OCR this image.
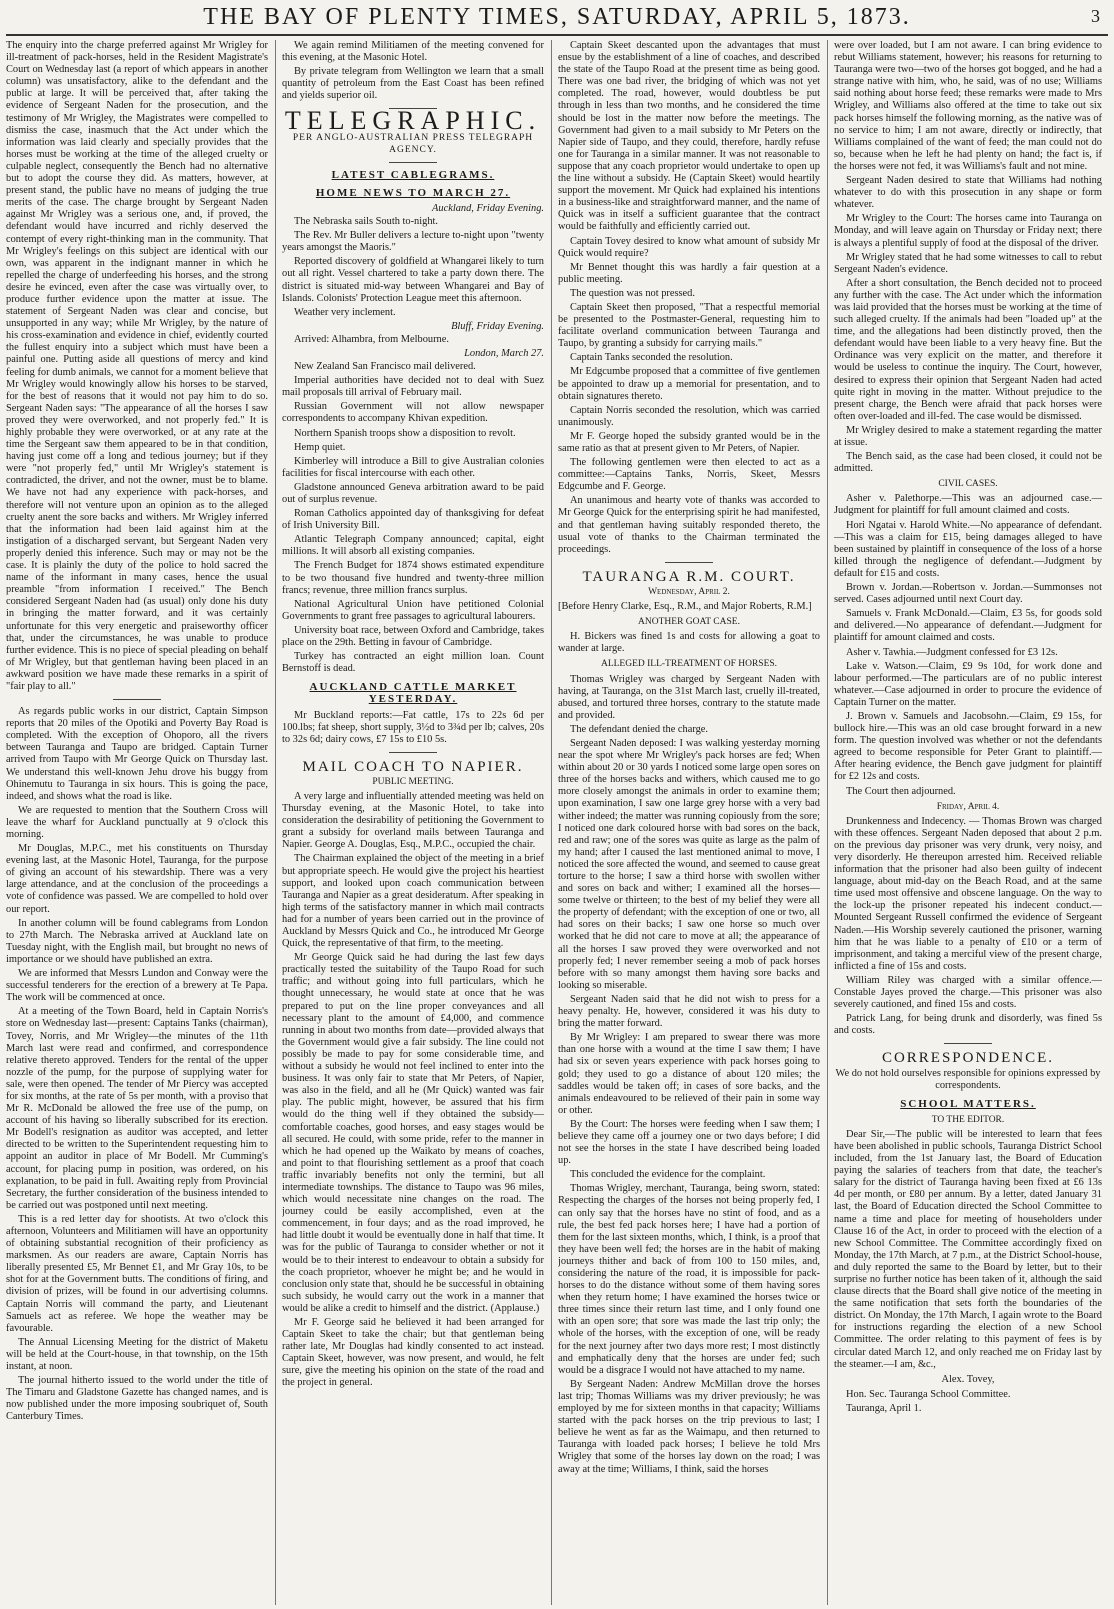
THE BAY OF PLENTY TIMES, SATURDAY, APRIL 5, 1873.	3

The enquiry into the charge preferred against Mr Wrigley for ill-treatment of pack-horses, held in the Resident Magistrate's Court on Wednesday last (a report of which appears in another column) was unsatisfactory, alike to the defendant and the public at large. It will be perceived that, after taking the evidence of Sergeant Naden for the prosecution, and the testimony of Mr Wrigley, the Magistrates were compelled to dismiss the case, inasmuch that the Act under which the information was laid clearly and specially provides that the horses must be working at the time of the alleged cruelty or culpable neglect, consequently the Bench had no alternative but to adopt the course they did. As matters, however, at present stand, the public have no means of judging the true merits of the case. The charge brought by Sergeant Naden against Mr Wrigley was a serious one, and, if proved, the defendant would have incurred and richly deserved the contempt of every right-thinking man in the community. That Mr Wrigley's feelings on this subject are identical with our own, was apparent in the indignant manner in which he repelled the charge of underfeeding his horses, and the strong desire he evinced, even after the case was virtually over, to produce further evidence upon the matter at issue. The statement of Sergeant Naden was clear and concise, but unsupported in any way; while Mr Wrigley, by the nature of his cross-examination and evidence in chief, evidently courted the fullest enquiry into a subject which must have been a painful one. Putting aside all questions of mercy and kind feeling for dumb animals, we cannot for a moment believe that Mr Wrigley would knowingly allow his horses to be starved, for the best of reasons that it would not pay him to do so. Sergeant Naden says: "The appearance of all the horses I saw proved they were overworked, and not properly fed." It is highly probable they were overworked, or at any rate at the time the Sergeant saw them appeared to be in that condition, having just come off a long and tedious journey; but if they were "not properly fed," until Mr Wrigley's statement is contradicted, the driver, and not the owner, must be to blame. We have not had any experience with pack-horses, and therefore will not venture upon an opinion as to the alleged cruelty anent the sore backs and withers. Mr Wrigley inferred that the information had been laid against him at the instigation of a discharged servant, but Sergeant Naden very properly denied this inference. Such may or may not be the case. It is plainly the duty of the police to hold sacred the name of the informant in many cases, hence the usual preamble "from information I received." The Bench considered Sergeant Naden had (as usual) only done his duty in bringing the matter forward, and it was certainly unfortunate for this very energetic and praiseworthy officer that, under the circumstances, he was unable to produce further evidence. This is no piece of special pleading on behalf of Mr Wrigley, but that gentleman having been placed in an awkward position we have made these remarks in a spirit of "fair play to all."

As regards public works in our district, Captain Simpson reports that 20 miles of the Opotiki and Poverty Bay Road is completed. With the exception of Ohoporo, all the rivers between Tauranga and Taupo are bridged. Captain Turner arrived from Taupo with Mr George Quick on Thursday last. We understand this well-known Jehu drove his buggy from Ohinemutu to Tauranga in six hours. This is going the pace, indeed, and shows what the road is like.

We are requested to mention that the Southern Cross will leave the wharf for Auckland punctually at 9 o'clock this morning.

Mr Douglas, M.P.C., met his constituents on Thursday evening last, at the Masonic Hotel, Tauranga, for the purpose of giving an account of his stewardship. There was a very large attendance, and at the conclusion of the proceedings a vote of confidence was passed. We are compelled to hold over our report.

In another column will be found cablegrams from London to 27th March. The Nebraska arrived at Auckland late on Tuesday night, with the English mail, but brought no news of importance or we should have published an extra.

We are informed that Messrs Lundon and Conway were the successful tenderers for the erection of a brewery at Te Papa. The work will be commenced at once.

At a meeting of the Town Board, held in Captain Norris's store on Wednesday last—present: Captains Tanks (chairman), Tovey, Norris, and Mr Wrigley—the minutes of the 11th March last were read and confirmed, and correspondence relative thereto approved. Tenders for the rental of the upper nozzle of the pump, for the purpose of supplying water for sale, were then opened. The tender of Mr Piercy was accepted for six months, at the rate of 5s per month, with a proviso that Mr R. McDonald be allowed the free use of the pump, on account of his having so liberally subscribed for its erection. Mr Bodell's resignation as auditor was accepted, and letter directed to be written to the Superintendent requesting him to appoint an auditor in place of Mr Bodell. Mr Cumming's account, for placing pump in position, was ordered, on his explanation, to be paid in full. Awaiting reply from Provincial Secretary, the further consideration of the business intended to be carried out was postponed until next meeting.

This is a red letter day for shootists. At two o'clock this afternoon, Volunteers and Militiamen will have an opportunity of obtaining substantial recognition of their proficiency as marksmen. As our readers are aware, Captain Norris has liberally presented £5, Mr Bennet £1, and Mr Gray 10s, to be shot for at the Government butts. The conditions of firing, and division of prizes, will be found in our advertising columns. Captain Norris will command the party, and Lieutenant Samuels act as referee. We hope the weather may be favourable.

The Annual Licensing Meeting for the district of Maketu will be held at the Court-house, in that township, on the 15th instant, at noon.

The journal hitherto issued to the world under the title of The Timaru and Gladstone Gazette has changed names, and is now published under the more imposing soubriquet of, South Canterbury Times.

We again remind Militiamen of the meeting convened for this evening, at the Masonic Hotel.

By private telegram from Wellington we learn that a small quantity of petroleum from the East Coast has been refined and yields superior oil.

TELEGRAPHIC.
PER ANGLO-AUSTRALIAN PRESS TELEGRAPH AGENCY.
LATEST CABLEGRAMS.
HOME NEWS TO MARCH 27.
Auckland, Friday Evening.

The Nebraska sails South to-night.

The Rev. Mr Buller delivers a lecture to-night upon "twenty years amongst the Maoris."

Reported discovery of goldfield at Whangarei likely to turn out all right. Vessel chartered to take a party down there. The district is situated mid-way between Whangarei and Bay of Islands. Colonists' Protection League meet this afternoon.

Weather very inclement.

Bluff, Friday Evening.

Arrived: Alhambra, from Melbourne.

London, March 27.

New Zealand San Francisco mail delivered.

Imperial authorities have decided not to deal with Suez mail proposals till arrival of February mail.

Russian Government will not allow newspaper correspondents to accompany Khivan expedition.

Northern Spanish troops show a disposition to revolt.

Hemp quiet.

Kimberley will introduce a Bill to give Australian colonies facilities for fiscal intercourse with each other.

Gladstone announced Geneva arbitration award to be paid out of surplus revenue.

Roman Catholics appointed day of thanksgiving for defeat of Irish University Bill.

Atlantic Telegraph Company announced; capital, eight millions. It will absorb all existing companies.

The French Budget for 1874 shows estimated expenditure to be two thousand five hundred and twenty-three million francs; revenue, three million francs surplus.

National Agricultural Union have petitioned Colonial Governments to grant free passages to agricultural labourers.

University boat race, between Oxford and Cambridge, takes place on the 29th. Betting in favour of Cambridge.

Turkey has contracted an eight million loan. Count Bernstoff is dead.

AUCKLAND CATTLE MARKET YESTERDAY.

Mr Buckland reports:—Fat cattle, 17s to 22s 6d per 100.lbs; fat sheep, short supply, 3½d to 3¾d per lb; calves, 20s to 32s 6d; dairy cows, £7 15s to £10 5s.

MAIL COACH TO NAPIER.
PUBLIC MEETING.

A very large and influentially attended meeting was held on Thursday evening, at the Masonic Hotel, to take into consideration the desirability of petitioning the Government to grant a subsidy for overland mails between Tauranga and Napier. George A. Douglas, Esq., M.P.C., occupied the chair.

The Chairman explained the object of the meeting in a brief but appropriate speech. He would give the project his heartiest support, and looked upon coach communication between Tauranga and Napier as a great desideratum. After speaking in high terms of the satisfactory manner in which mail contracts had for a number of years been carried out in the province of Auckland by Messrs Quick and Co., he introduced Mr George Quick, the representative of that firm, to the meeting.

Mr George Quick said he had during the last few days practically tested the suitability of the Taupo Road for such traffic; and without going into full particulars, which he thought unnecessary, he would state at once that he was prepared to put on the line proper conveyances and all necessary plant to the amount of £4,000, and commence running in about two months from date—provided always that the Government would give a fair subsidy. The line could not possibly be made to pay for some considerable time, and without a subsidy he would not feel inclined to enter into the business. It was only fair to state that Mr Peters, of Napier, was also in the field, and all he (Mr Quick) wanted was fair play. The public might, however, be assured that his firm would do the thing well if they obtained the subsidy—comfortable coaches, good horses, and easy stages would be all secured. He could, with some pride, refer to the manner in which he had opened up the Waikato by means of coaches, and point to that flourishing settlement as a proof that coach traffic invariably benefits not only the termini, but all intermediate townships. The distance to Taupo was 96 miles, which would necessitate nine changes on the road. The journey could be easily accomplished, even at the commencement, in four days; and as the road improved, he had little doubt it would be eventually done in half that time. It was for the public of Tauranga to consider whether or not it would be to their interest to endeavour to obtain a subsidy for the coach proprietor, whoever he might be; and he would in conclusion only state that, should he be successful in obtaining such subsidy, he would carry out the work in a manner that would be alike a credit to himself and the district. (Applause.)

Mr F. George said he believed it had been arranged for Captain Skeet to take the chair; but that gentleman being rather late, Mr Douglas had kindly consented to act instead. Captain Skeet, however, was now present, and would, he felt sure, give the meeting his opinion on the state of the road and the project in general.

Captain Skeet descanted upon the advantages that must ensue by the establishment of a line of coaches, and described the state of the Taupo Road at the present time as being good. There was one bad river, the bridging of which was not yet completed. The road, however, would doubtless be put through in less than two months, and he considered the time should be lost in the matter now before the meetings. The Government had given to a mail subsidy to Mr Peters on the Napier side of Taupo, and they could, therefore, hardly refuse one for Tauranga in a similar manner. It was not reasonable to suppose that any coach proprietor would undertake to open up the line without a subsidy. He (Captain Skeet) would heartily support the movement. Mr Quick had explained his intentions in a business-like and straightforward manner, and the name of Quick was in itself a sufficient guarantee that the contract would be faithfully and efficiently carried out.

Captain Tovey desired to know what amount of subsidy Mr Quick would require?

Mr Bennet thought this was hardly a fair question at a public meeting.

The question was not pressed.

Captain Skeet then proposed, "That a respectful memorial be presented to the Postmaster-General, requesting him to facilitate overland communication between Tauranga and Taupo, by granting a subsidy for carrying mails."

Captain Tanks seconded the resolution.

Mr Edgcumbe proposed that a committee of five gentlemen be appointed to draw up a memorial for presentation, and to obtain signatures thereto.

Captain Norris seconded the resolution, which was carried unanimously.

Mr F. George hoped the subsidy granted would be in the same ratio as that at present given to Mr Peters, of Napier.

The following gentlemen were then elected to act as a committee:—Captains Tanks, Norris, Skeet, Messrs Edgcumbe and F. George.

An unanimous and hearty vote of thanks was accorded to Mr George Quick for the enterprising spirit he had manifested, and that gentleman having suitably responded thereto, the usual vote of thanks to the Chairman terminated the proceedings.

TAURANGA R.M. COURT.
Wednesday, April 2.

[Before Henry Clarke, Esq., R.M., and Major Roberts, R.M.]

ANOTHER GOAT CASE.

H. Bickers was fined 1s and costs for allowing a goat to wander at large.

ALLEGED ILL-TREATMENT OF HORSES.

Thomas Wrigley was charged by Sergeant Naden with having, at Tauranga, on the 31st March last, cruelly ill-treated, abused, and tortured three horses, contrary to the statute made and provided.

The defendant denied the charge.

Sergeant Naden deposed: I was walking yesterday morning near the spot where Mr Wrigley's pack horses are fed; When within about 20 or 30 yards I noticed some large open sores on three of the horses backs and withers, which caused me to go more closely amongst the animals in order to examine them; upon examination, I saw one large grey horse with a very bad wither indeed; the matter was running copiously from the sore; I noticed one dark coloured horse with bad sores on the back, red and raw; one of the sores was quite as large as the palm of my hand; after I caused the last mentioned animal to move, I noticed the sore affected the wound, and seemed to cause great torture to the horse; I saw a third horse with swollen wither and sores on back and wither; I examined all the horses—some twelve or thirteen; to the best of my belief they were all the property of defendant; with the exception of one or two, all had sores on their backs; I saw one horse so much over worked that he did not care to move at all; the appearance of all the horses I saw proved they were overworked and not properly fed; I never remember seeing a mob of pack horses before with so many amongst them having sore backs and looking so miserable.

Sergeant Naden said that he did not wish to press for a heavy penalty. He, however, considered it was his duty to bring the matter forward.

By Mr Wrigley: I am prepared to swear there was more than one horse with a wound at the time I saw them; I have had six or seven years experience with pack horses going to gold; they used to go a distance of about 120 miles; the saddles would be taken off; in cases of sore backs, and the animals endeavoured to be relieved of their pain in some way or other.

By the Court: The horses were feeding when I saw them; I believe they came off a journey one or two days before; I did not see the horses in the state I have described being loaded up.

This concluded the evidence for the complaint.

Thomas Wrigley, merchant, Tauranga, being sworn, stated: Respecting the charges of the horses not being properly fed, I can only say that the horses have no stint of food, and as a rule, the best fed pack horses here; I have had a portion of them for the last sixteen months, which, I think, is a proof that they have been well fed; the horses are in the habit of making journeys thither and back of from 100 to 150 miles, and, considering the nature of the road, it is impossible for pack-horses to do the distance without some of them having sores when they return home; I have examined the horses twice or three times since their return last time, and I only found one with an open sore; that sore was made the last trip only; the whole of the horses, with the exception of one, will be ready for the next journey after two days more rest; I most distinctly and emphatically deny that the horses are under fed; such would be a disgrace I would not have attached to my name.

By Sergeant Naden: Andrew McMillan drove the horses last trip; Thomas Williams was my driver previously; he was employed by me for sixteen months in that capacity; Williams started with the pack horses on the trip previous to last; I believe he went as far as the Waimapu, and then returned to Tauranga with loaded pack horses; I believe he told Mrs Wrigley that some of the horses lay down on the road; I was away at the time; Williams, I think, said the horses

were over loaded, but I am not aware. I can bring evidence to rebut Williams statement, however; his reasons for returning to Tauranga were two—two of the horses got bogged, and he had a strange native with him, who, he said, was of no use; Williams said nothing about horse feed; these remarks were made to Mrs Wrigley, and Williams also offered at the time to take out six pack horses himself the following morning, as the native was of no service to him; I am not aware, directly or indirectly, that Williams complained of the want of feed; the man could not do so, because when he left he had plenty on hand; the fact is, if the horses were not fed, it was Williams's fault and not mine.

Sergeant Naden desired to state that Williams had nothing whatever to do with this prosecution in any shape or form whatever.

Mr Wrigley to the Court: The horses came into Tauranga on Monday, and will leave again on Thursday or Friday next; there is always a plentiful supply of food at the disposal of the driver.

Mr Wrigley stated that he had some witnesses to call to rebut Sergeant Naden's evidence.

After a short consultation, the Bench decided not to proceed any further with the case. The Act under which the information was laid provided that the horses must be working at the time of such alleged cruelty. If the animals had been "loaded up" at the time, and the allegations had been distinctly proved, then the defendant would have been liable to a very heavy fine. But the Ordinance was very explicit on the matter, and therefore it would be useless to continue the inquiry. The Court, however, desired to express their opinion that Sergeant Naden had acted quite right in moving in the matter. Without prejudice to the present charge, the Bench were afraid that pack horses were often over-loaded and ill-fed. The case would be dismissed.

Mr Wrigley desired to make a statement regarding the matter at issue.

The Bench said, as the case had been closed, it could not be admitted.

CIVIL CASES.

Asher v. Palethorpe.—This was an adjourned case.—Judgment for plaintiff for full amount claimed and costs.

Hori Ngatai v. Harold White.—No appearance of defendant.—This was a claim for £15, being damages alleged to have been sustained by plaintiff in consequence of the loss of a horse killed through the negligence of defendant.—Judgment by default for £15 and costs.

Brown v. Jordan.—Robertson v. Jordan.—Summonses not served. Cases adjourned until next Court day.

Samuels v. Frank McDonald.—Claim, £3 5s, for goods sold and delivered.—No appearance of defendant.—Judgment for plaintiff for amount claimed and costs.

Asher v. Tawhia.—Judgment confessed for £3 12s.

Lake v. Watson.—Claim, £9 9s 10d, for work done and labour performed.—The particulars are of no public interest whatever.—Case adjourned in order to procure the evidence of Captain Turner on the matter.

J. Brown v. Samuels and Jacobsohn.—Claim, £9 15s, for bullock hire.—This was an old case brought forward in a new form. The question involved was whether or not the defendants agreed to become responsible for Peter Grant to plaintiff.—After hearing evidence, the Bench gave judgment for plaintiff for £2 12s and costs.

The Court then adjourned.

Friday, April 4.

Drunkenness and Indecency. — Thomas Brown was charged with these offences. Sergeant Naden deposed that about 2 p.m. on the previous day prisoner was very drunk, very noisy, and very disorderly. He thereupon arrested him. Received reliable information that the prisoner had also been guilty of indecent language, about mid-day on the Beach Road, and at the same time used most offensive and obscene language. On the way to the lock-up the prisoner repeated his indecent conduct.—Mounted Sergeant Russell confirmed the evidence of Sergeant Naden.—His Worship severely cautioned the prisoner, warning him that he was liable to a penalty of £10 or a term of imprisonment, and taking a merciful view of the present charge, inflicted a fine of 15s and costs.

William Riley was charged with a similar offence.—Constable Jayes proved the charge.—This prisoner was also severely cautioned, and fined 15s and costs.

Patrick Lang, for being drunk and disorderly, was fined 5s and costs.

CORRESPONDENCE.

We do not hold ourselves responsible for opinions expressed by correspondents.

SCHOOL MATTERS.
TO THE EDITOR.

Dear Sir,—The public will be interested to learn that fees have been abolished in public schools, Tauranga District School included, from the 1st January last, the Board of Education paying the salaries of teachers from that date, the teacher's salary for the district of Tauranga having been fixed at £6 13s 4d per month, or £80 per annum. By a letter, dated January 31 last, the Board of Education directed the School Committee to name a time and place for meeting of householders under Clause 16 of the Act, in order to proceed with the election of a new School Committee. The Committee accordingly fixed on Monday, the 17th March, at 7 p.m., at the District School-house, and duly reported the same to the Board by letter, but to their surprise no further notice has been taken of it, although the said clause directs that the Board shall give notice of the meeting in the same notification that sets forth the boundaries of the district. On Monday, the 17th March, I again wrote to the Board for instructions regarding the election of a new School Committee. The order relating to this payment of fees is by circular dated March 12, and only reached me on Friday last by the steamer.—I am, &c.,

Alex. Tovey,

Hon. Sec. Tauranga School Committee.

Tauranga, April 1.
